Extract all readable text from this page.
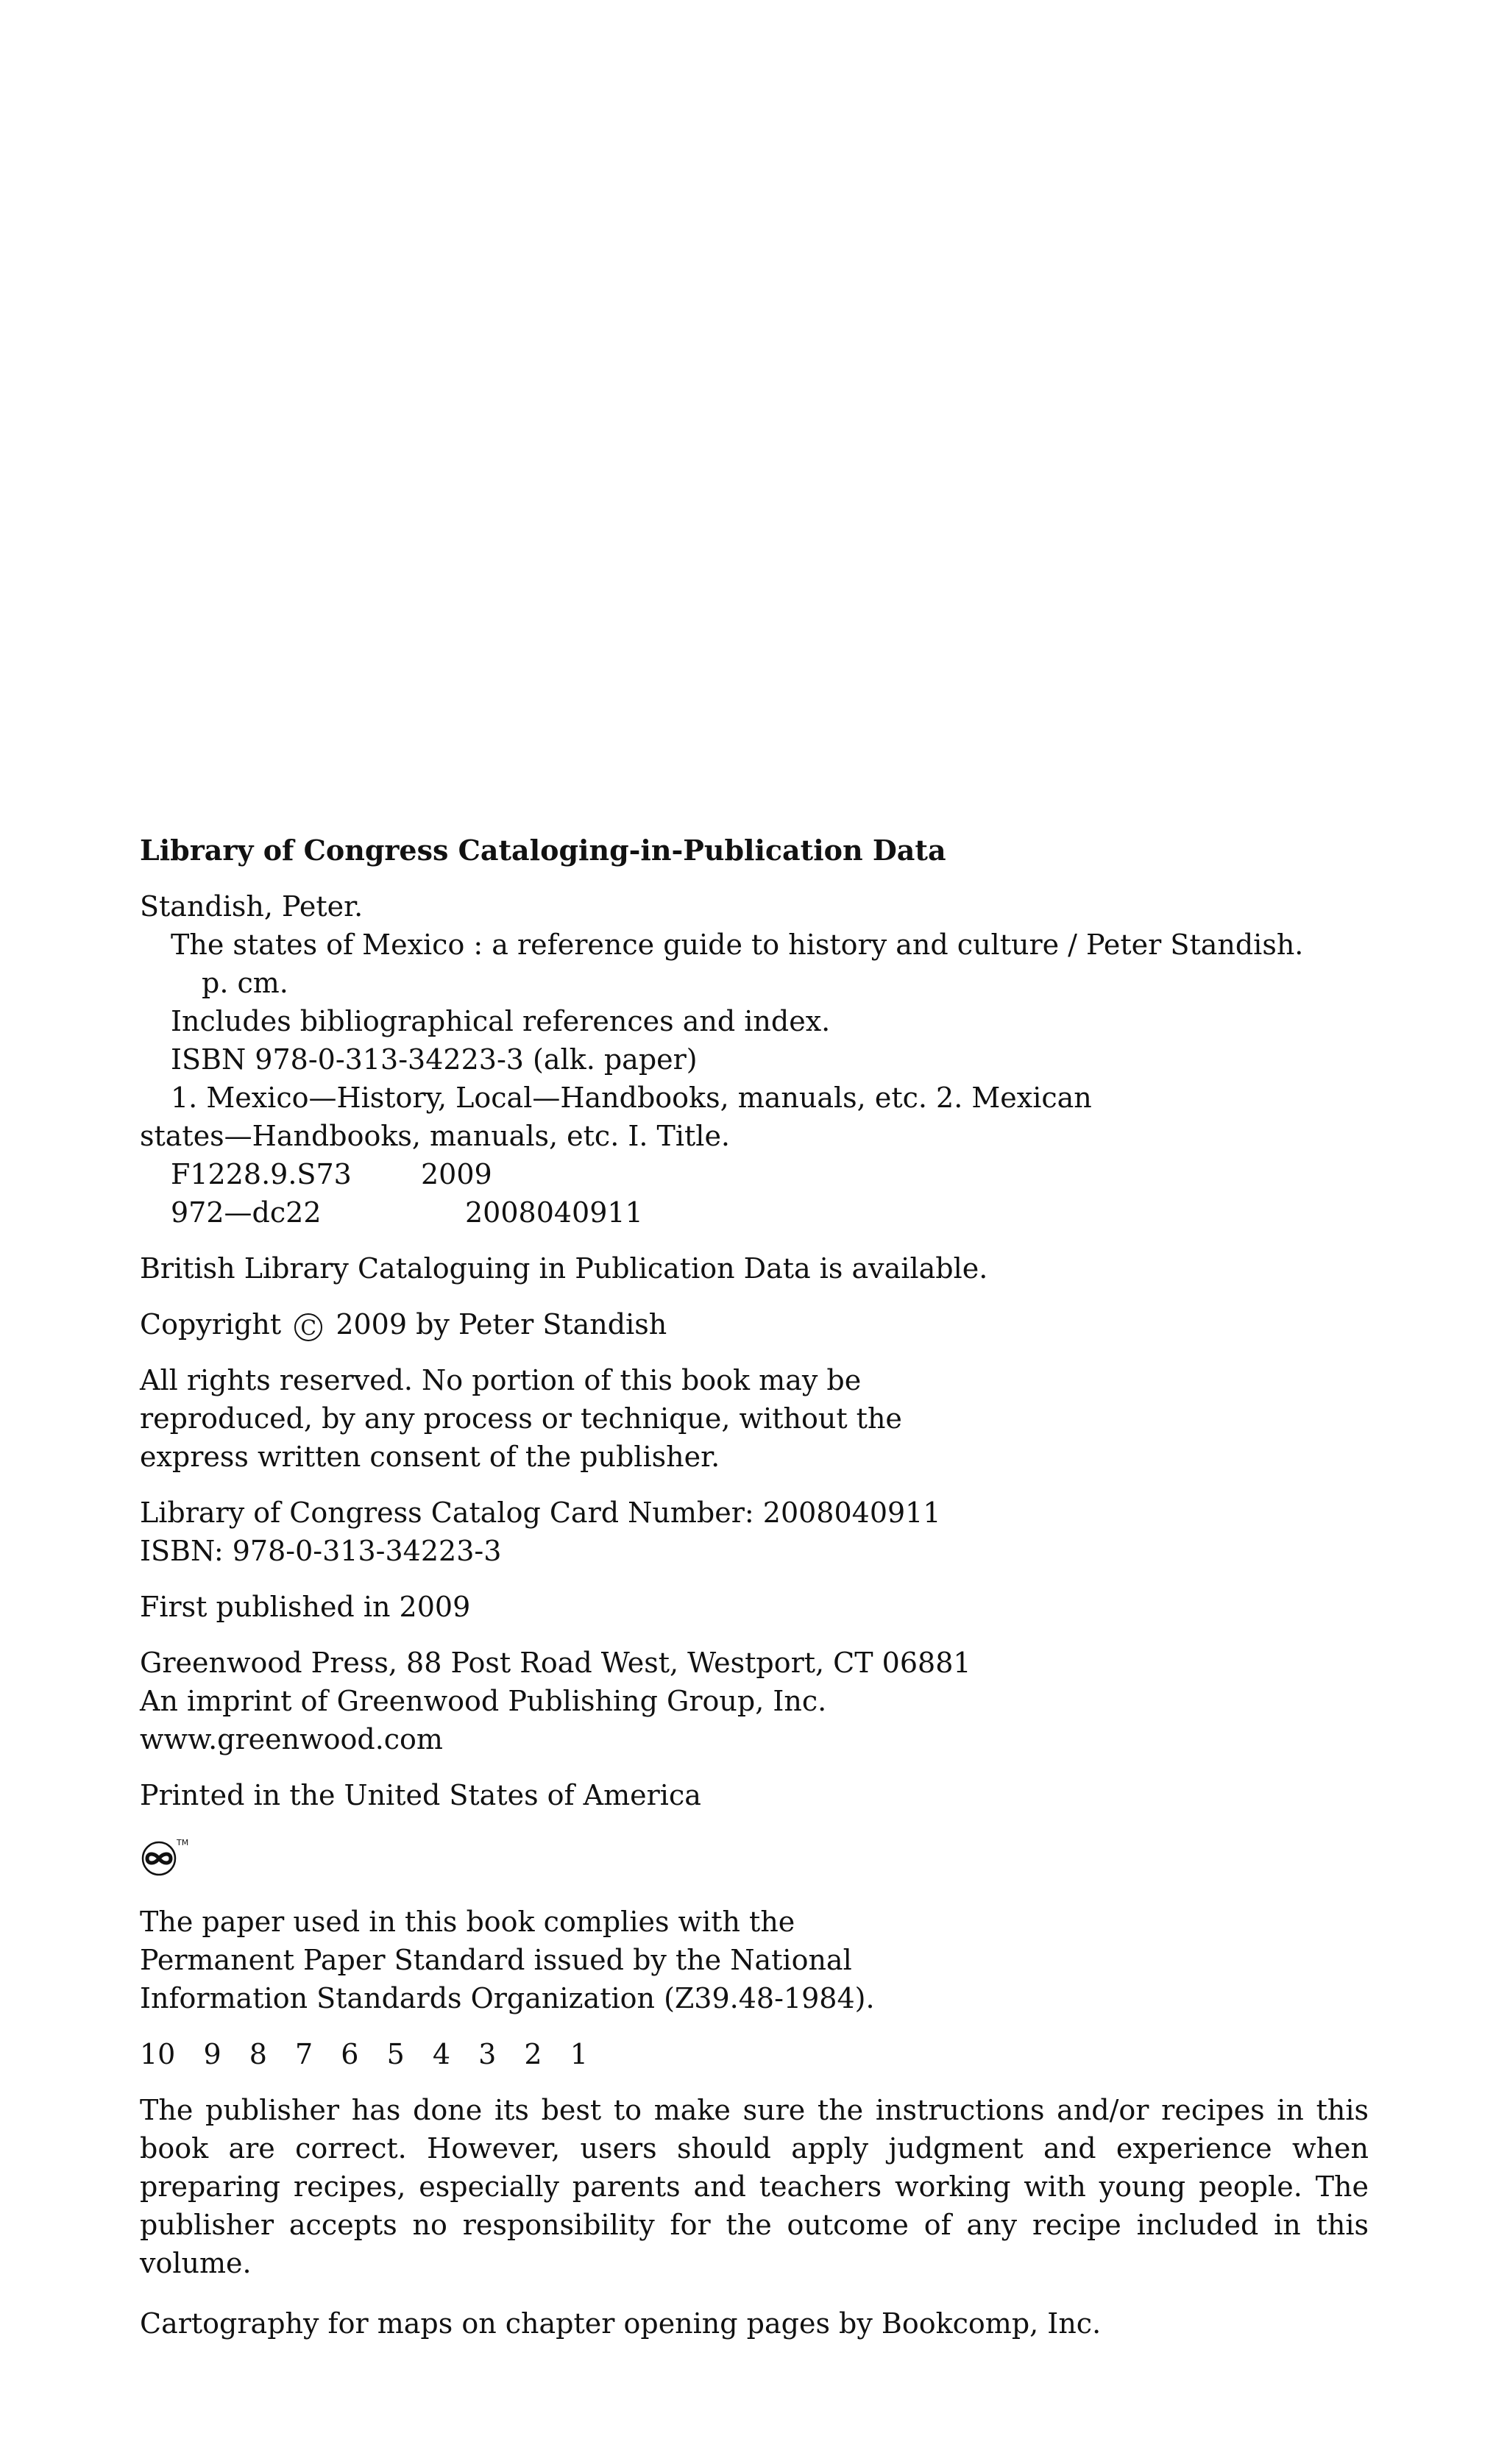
Library of Congress Cataloging-in-Publication Data
Standish, Peter.
The states of Mexico : a reference guide to history and culture / Peter Standish.
p. cm.
Includes bibliographical references and index.
ISBN 978-0-313-34223-3 (alk. paper)
1. Mexico—History, Local—Handbooks, manuals, etc. 2. Mexican
states—Handbooks, manuals, etc. I. Title.
F1228.9.S73	2009
972—dc22	2008040911
British Library Cataloguing in Publication Data is available.
Copyright C 2009 by Peter Standish
All rights reserved. No portion of this book may be
reproduced, by any process or technique, without the
express written consent of the publisher.
Library of Congress Catalog Card Number: 2008040911
ISBN: 978-0-313-34223-3
First published in 2009
Greenwood Press, 88 Post Road West, Westport, CT 06881
An imprint of Greenwood Publishing Group, Inc.
www.greenwood.com
Printed in the United States of America
TM
The paper used in this book complies with the
Permanent Paper Standard issued by the National
Information Standards Organization (Z39.48-1984).
10 9 8 7 6 5 4 3 2 1
The publisher has done its best to make sure the instructions and/or recipes in this book are correct. However, users should apply judgment and experience when preparing recipes, especially parents and teachers working with young people. The publisher accepts no responsibility for the outcome of any recipe included in this volume.
Cartography for maps on chapter opening pages by Bookcomp, Inc.
